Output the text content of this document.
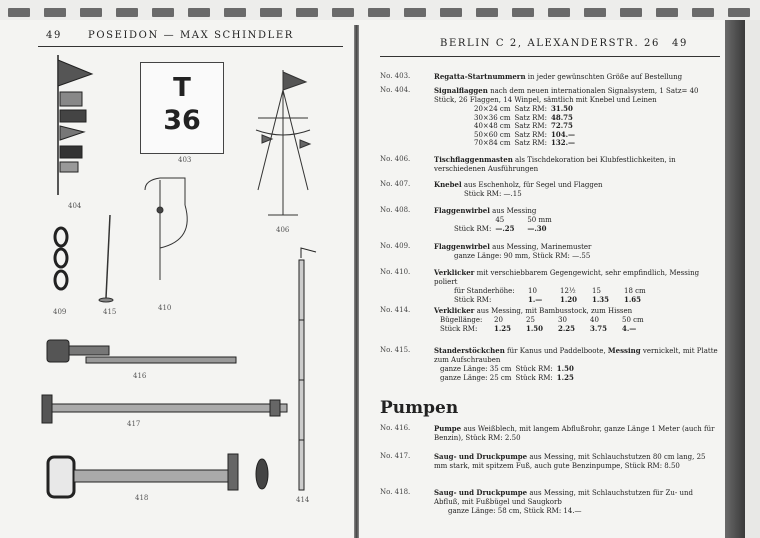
49	POSEIDON — MAX SCHINDLER
BERLIN C 2, ALEXANDERSTR. 26 49
T
36
403
404
406
409	415	410
416
417
418	414
No. 403.	Regatta-Startnummern in jeder gewünschten Größe auf Bestellung
No. 404.	Signalflaggen nach dem neuen internationalen Signalsystem, 1 Satz= 40 Stück, 26 Flaggen, 14 Winpel, sämtlich mit Knebel und Leinen
20×24 cm	Satz RM:	31.50
30×36 cm	Satz RM:	48.75
40×48 cm	Satz RM:	72.75
50×60 cm	Satz RM:	104.—
70×84 cm	Satz RM:	132.—
No. 406.	Tischflaggenmasten als Tischdekoration bei Klubfestlichkeiten, in verschiedenen Ausführungen
No. 407.	Knebel aus Eschenholz, für Segel und Flaggen
Stück RM: —.15
No. 408.	Flaggenwirbel aus Messing
	45	50 mm
Stück RM:	—.25	—.30
No. 409.	Flaggenwirbel aus Messing, Marinemuster
ganze Länge: 90 mm, Stück RM: —.55
No. 410.	Verklicker mit verschiebbarem Gegengewicht, sehr empfindlich, Messing poliert
für Standerhöhe:	10	12½	15	18 cm
Stück RM:	1.—	1.20	1.35	1.65
No. 414.	Verklicker aus Messing, mit Bambusstock, zum Hissen
Bügellänge:	20	25	30	40	50 cm
Stück RM:	1.25	1.50	2.25	3.75	4.—
No. 415.	Standerstöckchen für Kanus und Paddelboote, Messing vernickelt, mit Platte zum Aufschrauben
ganze Länge: 35 cm	Stück RM:	1.50
ganze Länge: 25 cm	Stück RM:	1.25
Pumpen
No. 416.	Pumpe aus Weißblech, mit langem Abflußrohr, ganze Länge 1 Meter (auch für Benzin), Stück RM: 2.50
No. 417.	Saug- und Druckpumpe aus Messing, mit Schlauchstutzen 80 cm lang, 25 mm stark, mit spitzem Fuß, auch gute Benzinpumpe, Stück RM: 8.50
No. 418.	Saug- und Druckpumpe aus Messing, mit Schlauchstutzen für Zu- und Abfluß, mit Fußbügel und Saugkorb
ganze Länge: 58 cm, Stück RM: 14.—
